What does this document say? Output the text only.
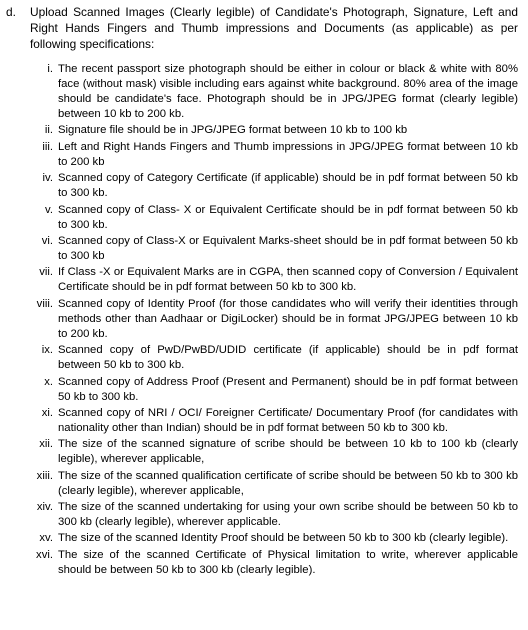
d.	Upload Scanned Images (Clearly legible) of Candidate's Photograph, Signature, Left and Right Hands Fingers and Thumb impressions and Documents (as applicable) as per following specifications:
i. The recent passport size photograph should be either in colour or black & white with 80% face (without mask) visible including ears against white background. 80% area of the image should be candidate's face. Photograph should be in JPG/JPEG format (clearly legible) between 10 kb to 200 kb.
ii. Signature file should be in JPG/JPEG format between 10 kb to 100 kb
iii. Left and Right Hands Fingers and Thumb impressions in JPG/JPEG format between 10 kb to 200 kb
iv. Scanned copy of Category Certificate (if applicable) should be in pdf format between 50 kb to 300 kb.
v. Scanned copy of Class- X or Equivalent Certificate should be in pdf format between 50 kb to 300 kb.
vi. Scanned copy of Class-X or Equivalent Marks-sheet should be in pdf format between 50 kb to 300 kb
vii. If Class -X or Equivalent Marks are in CGPA, then scanned copy of Conversion / Equivalent Certificate should be in pdf format between 50 kb to 300 kb.
viii. Scanned copy of Identity Proof (for those candidates who will verify their identities through methods other than Aadhaar or DigiLocker) should be in format JPG/JPEG between 10 kb to 200 kb.
ix. Scanned copy of PwD/PwBD/UDID certificate (if applicable) should be in pdf format between 50 kb to 300 kb.
x. Scanned copy of Address Proof (Present and Permanent) should be in pdf format between 50 kb to 300 kb.
xi. Scanned copy of NRI / OCI/ Foreigner Certificate/ Documentary Proof (for candidates with nationality other than Indian) should be in pdf format between 50 kb to 300 kb.
xii. The size of the scanned signature of scribe should be between 10 kb to 100 kb (clearly legible), wherever applicable,
xiii. The size of the scanned qualification certificate of scribe should be between 50 kb to 300 kb (clearly legible), wherever applicable,
xiv. The size of the scanned undertaking for using your own scribe should be between 50 kb to 300 kb (clearly legible), wherever applicable.
xv. The size of the scanned Identity Proof should be between 50 kb to 300 kb (clearly legible).
xvi. The size of the scanned Certificate of Physical limitation to write, wherever applicable should be between 50 kb to 300 kb (clearly legible).
